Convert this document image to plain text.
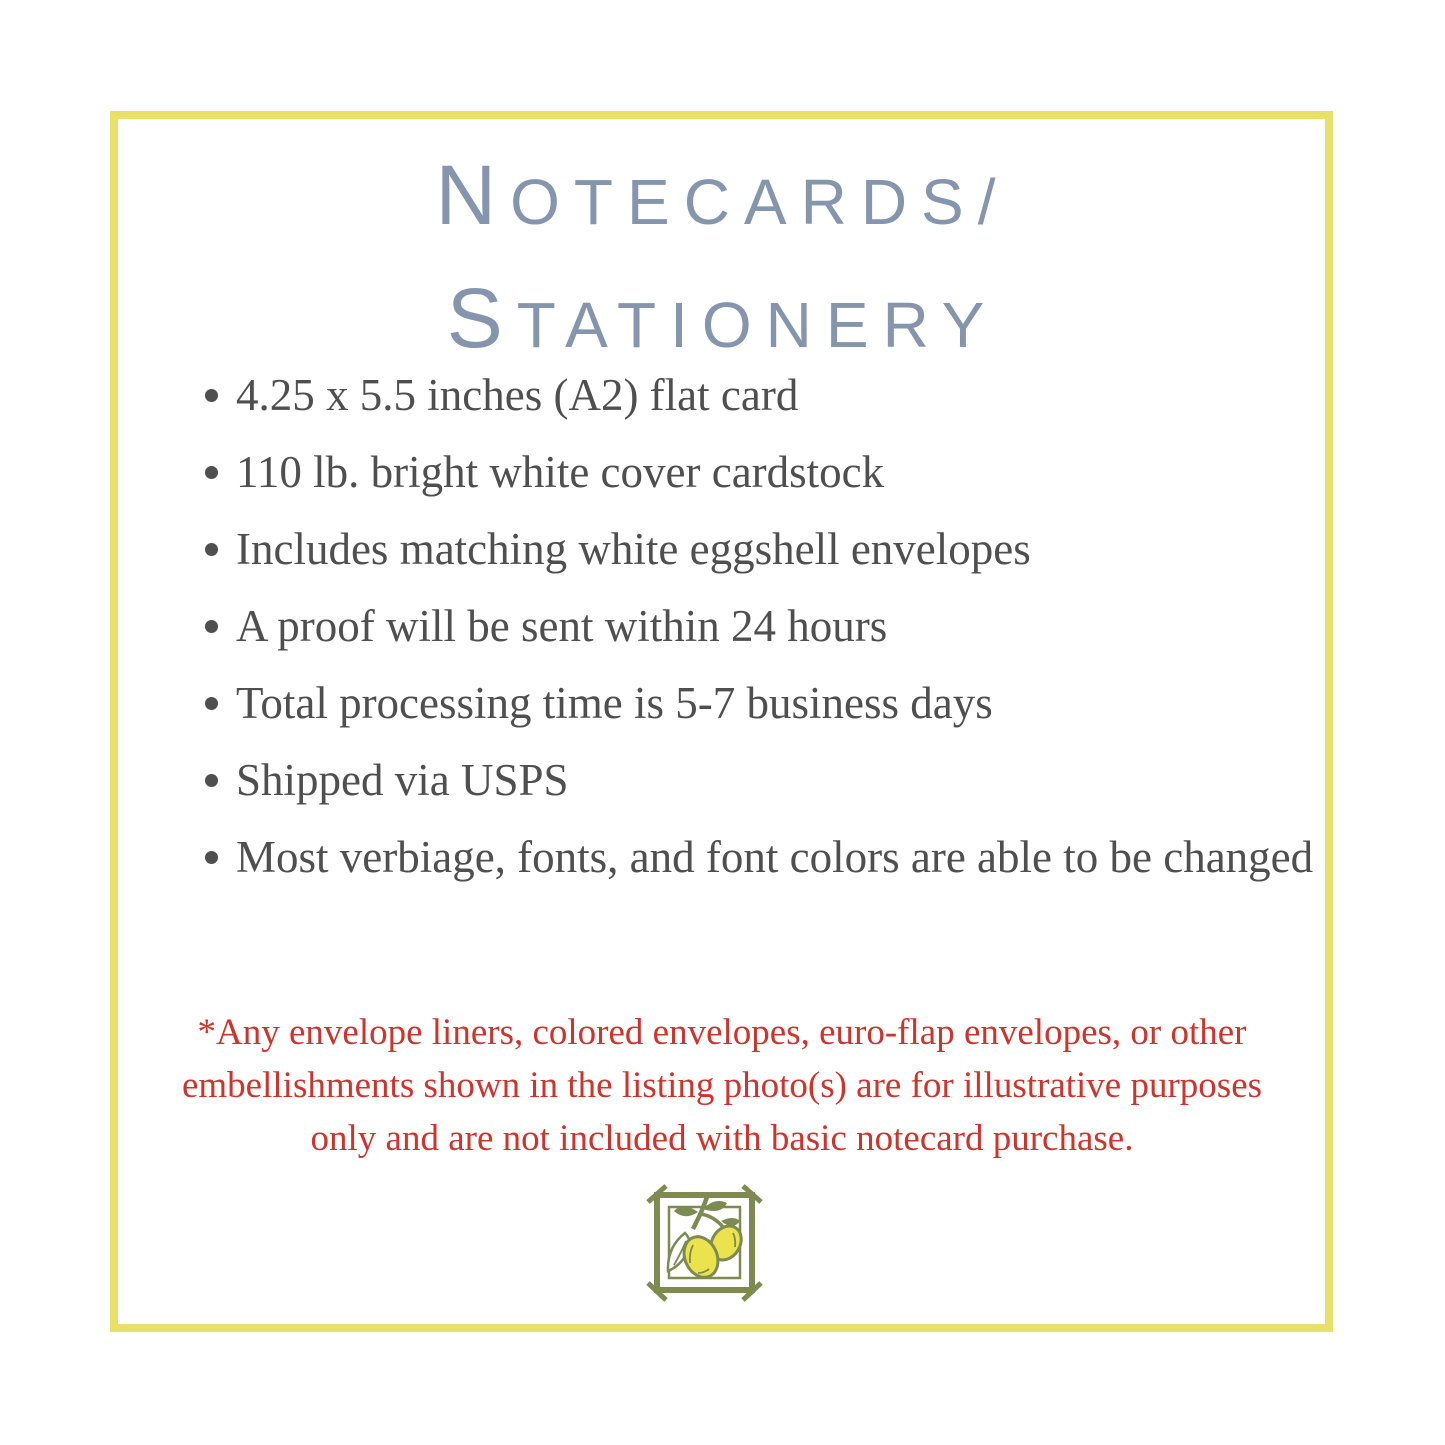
NOTECARDS/
STATIONERY
4.25 x 5.5 inches (A2) flat card
110 lb. bright white cover cardstock
Includes matching white eggshell envelopes
A proof will be sent within 24 hours
Total processing time is 5-7 business days
Shipped via USPS
Most verbiage, fonts, and font colors are able to be changed
*Any envelope liners, colored envelopes, euro-flap envelopes, or other
embellishments shown in the listing photo(s) are for illustrative purposes
only and are not included with basic notecard purchase.
